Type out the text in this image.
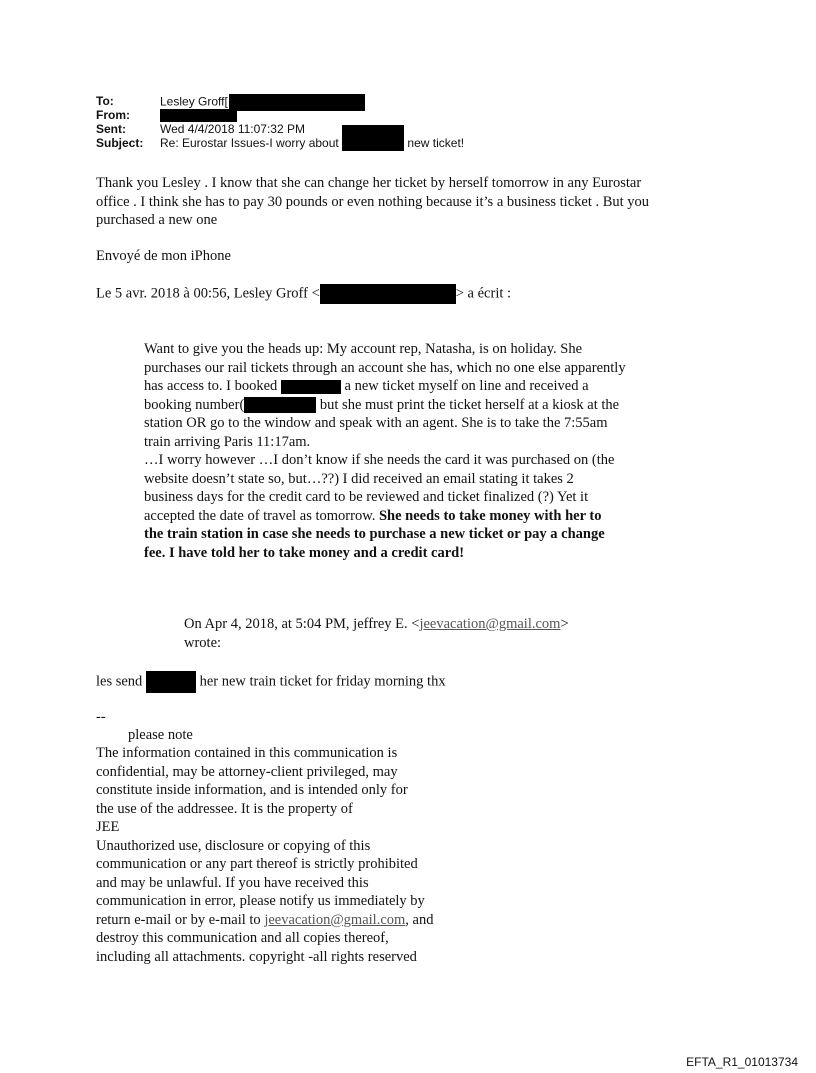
To:	Lesley Groff[
From:
Sent:	Wed 4/4/2018 11:07:32 PM
Subject: Re: Eurostar Issues-I worry about	new ticket!

Thank you Lesley . I know that she can change her ticket by herself tomorrow in any Eurostar

office . I think she has to pay 30 pounds or even nothing because it’s a business ticket . But you

purchased a new one

Envoyé de mon iPhone
Le 5 avr. 2018 à 00:56, Lesley Groff <	> a écrit :

Want to give you the heads up: My account rep, Natasha, is on holiday. She

purchases our rail tickets through an account she has, which no one else apparently

has access to. I booked	a new ticket myself on line and received a

booking number(	but she must print the ticket herself at a kiosk at the

station OR go to the window and speak with an agent. She is to take the 7:55am

train arriving Paris 11:17am.

…I worry however …I don’t know if she needs the card it was purchased on (the

website doesn’t state so, but…??) I did received an email stating it takes 2

business days for the credit card to be reviewed and ticket finalized (?) Yet it

accepted the date of travel as tomorrow. She needs to take money with her to

the train station in case she needs to purchase a new ticket or pay a change

fee. I have told her to take money and a credit card!

On Apr 4, 2018, at 5:04 PM, jeffrey E. <jeevacation@gmail.com>

wrote:

les send	her new train ticket for friday morning thx
--
please note

The information contained in this communication is

confidential, may be attorney-client privileged, may

constitute inside information, and is intended only for

the use of the addressee. It is the property of

JEE

Unauthorized use, disclosure or copying of this

communication or any part thereof is strictly prohibited

and may be unlawful. If you have received this

communication in error, please notify us immediately by

return e-mail or by e-mail to jeevacation@gmail.com, and

destroy this communication and all copies thereof,

including all attachments. copyright -all rights reserved

EFTA_R1_01013734
